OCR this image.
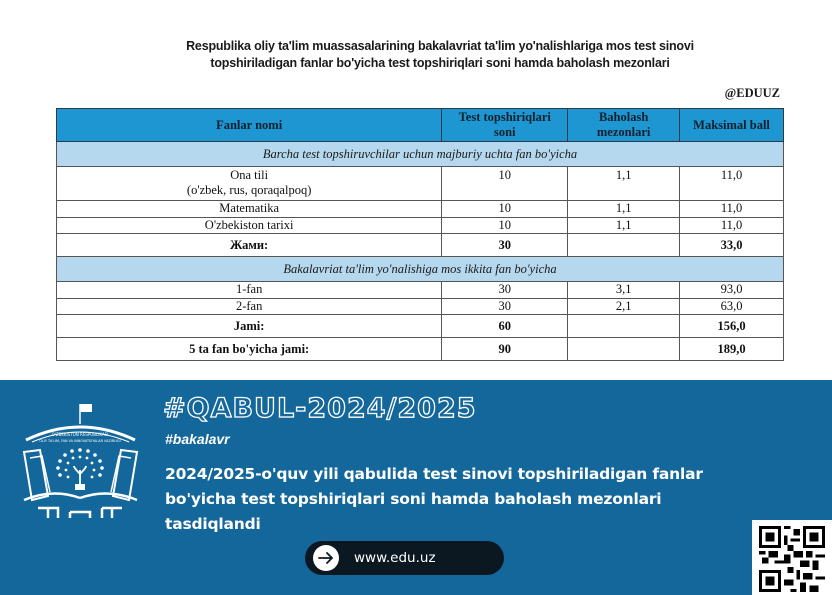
Respublika oliy ta'lim muassasalarining bakalavriat ta'lim yo'nalishlariga mos test sinovi
topshiriladigan fanlar bo'yicha test topshiriqlari soni hamda baholash mezonlari
@EDUUZ
Fanlar nomi	Test topshiriqlari soni	Baholash mezonlari	Maksimal ball
Barcha test topshiruvchilar uchun majburiy uchta fan bo'yicha			

Ona tili
(o'zbek, rus, qoraqalpoq)	10	1,1	11,0
Matematika	10	1,1	11,0
O'zbekiston tarixi	10	1,1	11,0
Жами:	30		33,0
Bakalavriat ta'lim yo'nalishiga mos ikkita fan bo'yicha			
1-fan	30	3,1	93,0
2-fan	30	2,1	63,0
Jami:	60		156,0
5 ta fan bo'yicha jami:	90		189,0
O'ZBEKISTON RESPUBLIKASI
OLIY TA'LIM, FAN VA INNOVATSIYALAR VAZIRLIGI
#QABUL-2024/2025
#bakalavr
2024/2025-o'quv yili qabulida test sinovi topshiriladigan fanlar
bo'yicha test topshiriqlari soni hamda baholash mezonlari
tasdiqlandi
www.edu.uz
